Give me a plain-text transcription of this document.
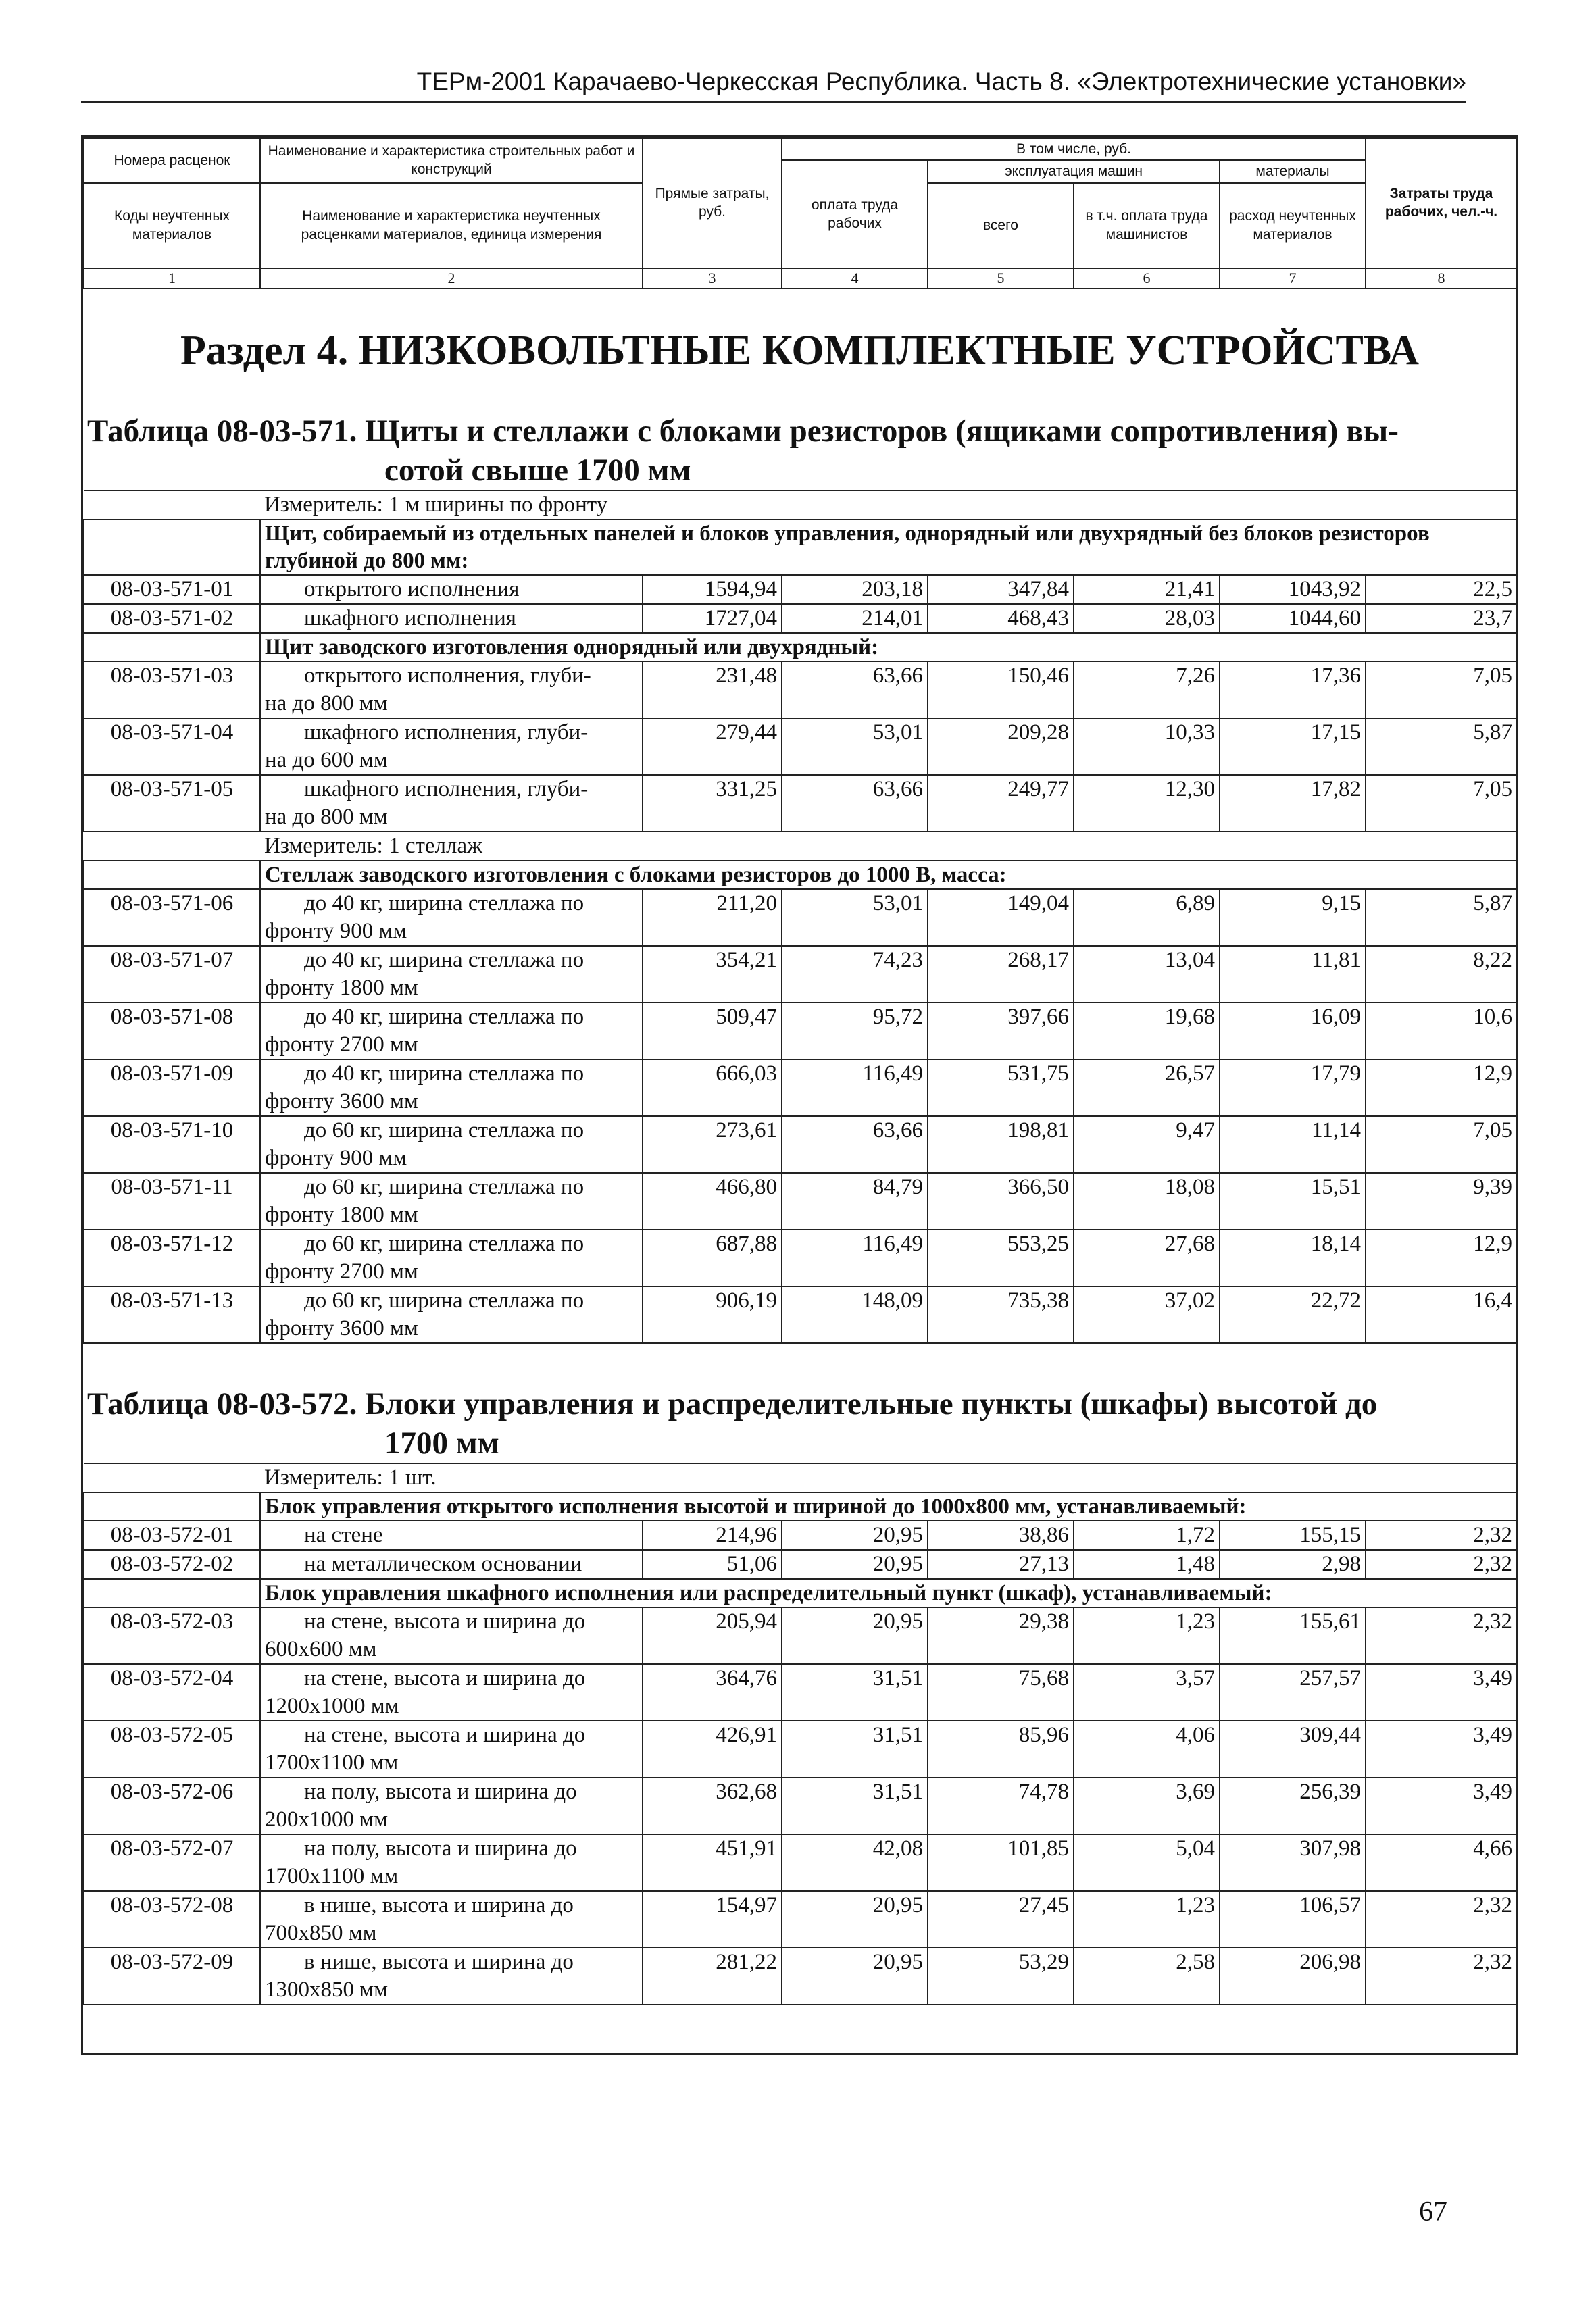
ТЕРм-2001 Карачаево-Черкесская Республика. Часть 8. «Электротехнические установки»
Номера расценок	Наименование и характеристика строительных работ и конструкций	Прямые затраты, руб.	В том числе, руб.				Затраты труда рабочих, чел.-ч.
			оплата труда рабочих	эксплуатация машин		материалы	
Коды неучтенных материалов	Наименование и характеристика неучтенных расценками материалов, единица измерения			всего	в т.ч. оплата труда машинистов	расход неучтенных материалов	

1	2	3	4	5	6	7	8
Раздел 4. НИЗКОВОЛЬТНЫЕ КОМПЛЕКТНЫЕ УСТРОЙСТВА
Таблица 08-03-571. Щиты и стеллажи с блоками резисторов (ящиками сопротивления) вы-
сотой свыше 1700 мм
	Измеритель: 1 м ширины по фронту						
	Щит, собираемый из отдельных панелей и блоков управления, однорядный или двухрядный без блоков резисторов глубиной до 800 мм:						
08-03-571-01	открытого исполнения	1594,94	203,18	347,84	21,41	1043,92	22,5
08-03-571-02	шкафного исполнения	1727,04	214,01	468,43	28,03	1044,60	23,7
	Щит заводского изготовления однорядный или двухрядный:						
08-03-571-03	открытого исполнения, глуби-
на до 800 мм	231,48	63,66	150,46	7,26	17,36	7,05
08-03-571-04	шкафного исполнения, глуби-
на до 600 мм	279,44	53,01	209,28	10,33	17,15	5,87
08-03-571-05	шкафного исполнения, глуби-
на до 800 мм	331,25	63,66	249,77	12,30	17,82	7,05
	Измеритель: 1 стеллаж						
	Стеллаж заводского изготовления с блоками резисторов до 1000 В, масса:						
08-03-571-06	до 40 кг, ширина стеллажа по
фронту 900 мм	211,20	53,01	149,04	6,89	9,15	5,87
08-03-571-07	до 40 кг, ширина стеллажа по
фронту 1800 мм	354,21	74,23	268,17	13,04	11,81	8,22
08-03-571-08	до 40 кг, ширина стеллажа по
фронту 2700 мм	509,47	95,72	397,66	19,68	16,09	10,6
08-03-571-09	до 40 кг, ширина стеллажа по
фронту 3600 мм	666,03	116,49	531,75	26,57	17,79	12,9
08-03-571-10	до 60 кг, ширина стеллажа по
фронту 900 мм	273,61	63,66	198,81	9,47	11,14	7,05
08-03-571-11	до 60 кг, ширина стеллажа по
фронту 1800 мм	466,80	84,79	366,50	18,08	15,51	9,39
08-03-571-12	до 60 кг, ширина стеллажа по
фронту 2700 мм	687,88	116,49	553,25	27,68	18,14	12,9
08-03-571-13	до 60 кг, ширина стеллажа по
фронту 3600 мм	906,19	148,09	735,38	37,02	22,72	16,4
Таблица 08-03-572. Блоки управления и распределительные пункты (шкафы) высотой до
1700 мм
	Измеритель: 1 шт.						
	Блок управления открытого исполнения высотой и шириной до 1000х800 мм, устанавливаемый:						
08-03-572-01	на стене	214,96	20,95	38,86	1,72	155,15	2,32
08-03-572-02	на металлическом основании	51,06	20,95	27,13	1,48	2,98	2,32
	Блок управления шкафного исполнения или распределительный пункт (шкаф), устанавливаемый:						
08-03-572-03	на стене, высота и ширина до
600х600 мм	205,94	20,95	29,38	1,23	155,61	2,32
08-03-572-04	на стене, высота и ширина до
1200х1000 мм	364,76	31,51	75,68	3,57	257,57	3,49
08-03-572-05	на стене, высота и ширина до
1700х1100 мм	426,91	31,51	85,96	4,06	309,44	3,49
08-03-572-06	на полу, высота и ширина до
200х1000 мм	362,68	31,51	74,78	3,69	256,39	3,49
08-03-572-07	на полу, высота и ширина до
1700х1100 мм	451,91	42,08	101,85	5,04	307,98	4,66
08-03-572-08	в нише, высота и ширина до
700х850 мм	154,97	20,95	27,45	1,23	106,57	2,32
08-03-572-09	в нише, высота и ширина до
1300х850 мм	281,22	20,95	53,29	2,58	206,98	2,32
67
